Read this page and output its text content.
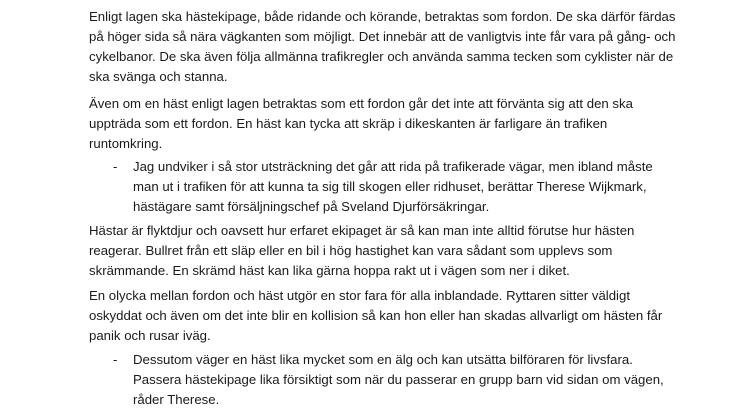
Enligt lagen ska hästekipage, både ridande och körande, betraktas som fordon. De ska därför färdas
på höger sida så nära vägkanten som möjligt. Det innebär att de vanligtvis inte får vara på gång- och
cykelbanor. De ska även följa allmänna trafikregler och använda samma tecken som cyklister när de
ska svänga och stanna.

Även om en häst enligt lagen betraktas som ett fordon går det inte att förvänta sig att den ska
uppträda som ett fordon. En häst kan tycka att skräp i dikeskanten är farligare än trafiken
runtomkring.

- Jag undviker i så stor utsträckning det går att rida på trafikerade vägar, men ibland måste
man ut i trafiken för att kunna ta sig till skogen eller ridhuset, berättar Therese Wijkmark,
hästägare samt försäljningschef på Sveland Djurförsäkringar.

Hästar är flyktdjur och oavsett hur erfaret ekipaget är så kan man inte alltid förutse hur hästen
reagerar. Bullret från ett släp eller en bil i hög hastighet kan vara sådant som upplevs som
skrämmande. En skrämd häst kan lika gärna hoppa rakt ut i vägen som ner i diket.

En olycka mellan fordon och häst utgör en stor fara för alla inblandade. Ryttaren sitter väldigt
oskyddat och även om det inte blir en kollision så kan hon eller han skadas allvarligt om hästen får
panik och rusar iväg.

- Dessutom väger en häst lika mycket som en älg och kan utsätta bilföraren för livsfara.
Passera hästekipage lika försiktigt som när du passerar en grupp barn vid sidan om vägen,
råder Therese.
